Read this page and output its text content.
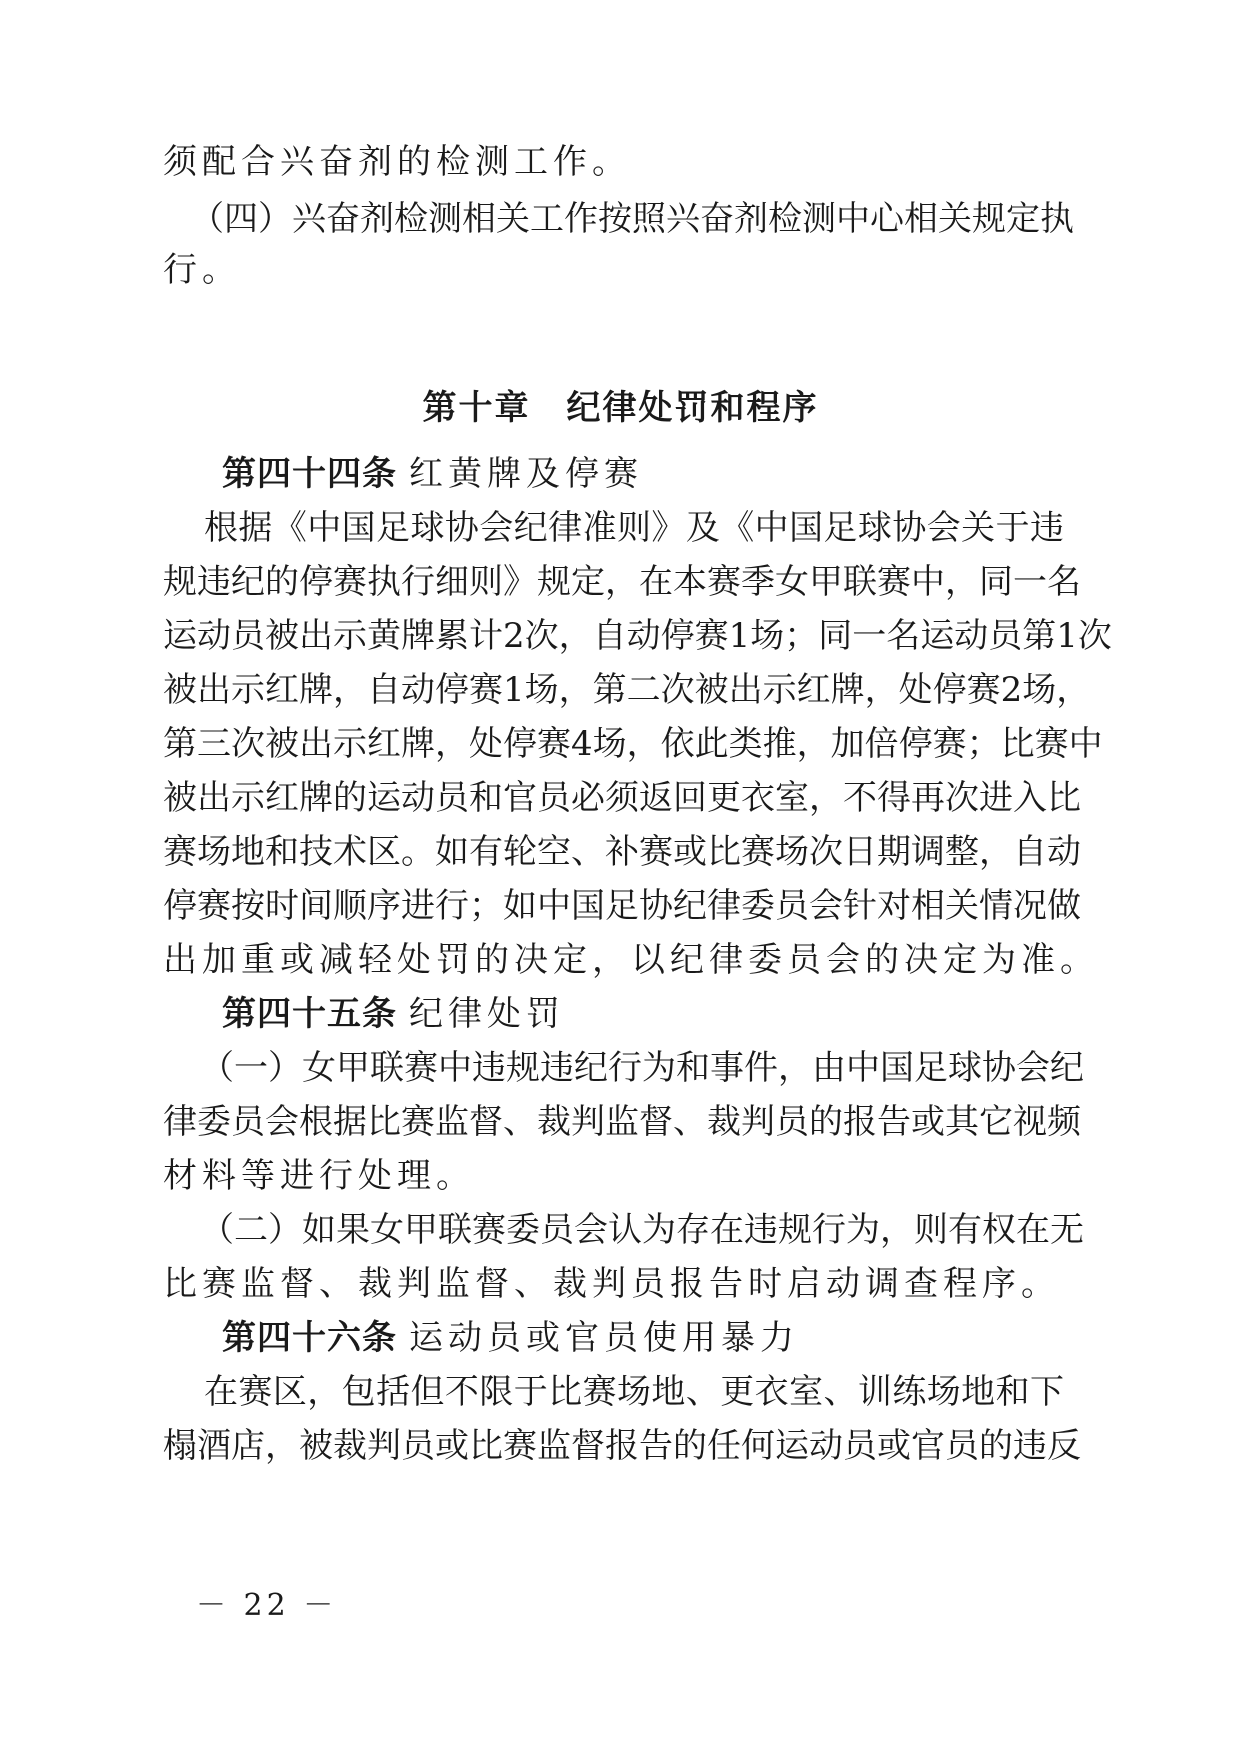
须配合兴奋剂的检测工作。
（四）兴奋剂检测相关工作按照兴奋剂检测中心相关规定执
行。
第十章　纪律处罚和程序
第四十四条 红黄牌及停赛
根据《中国足球协会纪律准则》及《中国足球协会关于违
规违纪的停赛执行细则》规定，在本赛季女甲联赛中，同一名
运动员被出示黄牌累计2次，自动停赛1场；同一名运动员第1次
被出示红牌，自动停赛1场，第二次被出示红牌，处停赛2场，
第三次被出示红牌，处停赛4场，依此类推，加倍停赛；比赛中
被出示红牌的运动员和官员必须返回更衣室，不得再次进入比
赛场地和技术区。如有轮空、补赛或比赛场次日期调整，自动
停赛按时间顺序进行；如中国足协纪律委员会针对相关情况做
出加重或减轻处罚的决定，以纪律委员会的决定为准。
第四十五条 纪律处罚
（一）女甲联赛中违规违纪行为和事件，由中国足球协会纪
律委员会根据比赛监督、裁判监督、裁判员的报告或其它视频
材料等进行处理。
（二）如果女甲联赛委员会认为存在违规行为，则有权在无
比赛监督、裁判监督、裁判员报告时启动调查程序。
第四十六条 运动员或官员使用暴力
在赛区，包括但不限于比赛场地、更衣室、训练场地和下
榻酒店，被裁判员或比赛监督报告的任何运动员或官员的违反
－ 22 －
